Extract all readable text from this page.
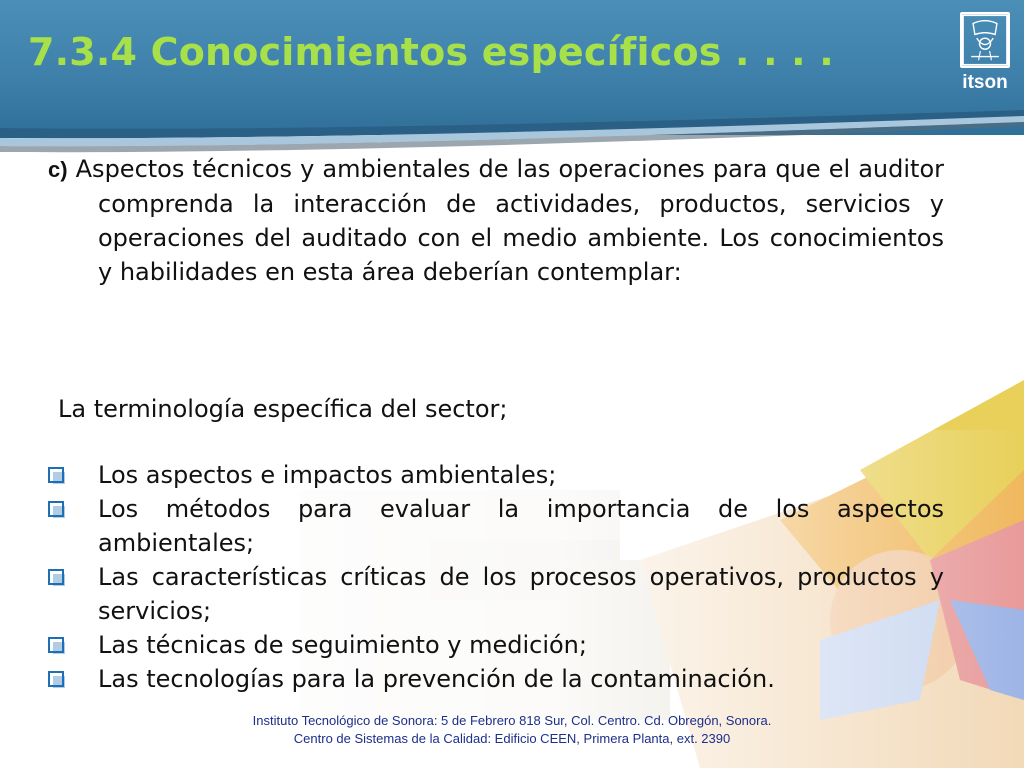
7.3.4 Conocimientos específicos . . . .
itson
c) Aspectos técnicos y ambientales de las operaciones para que el auditor comprenda la interacción de actividades, productos, servicios y operaciones del auditado con el medio ambiente. Los conocimientos y habilidades en esta área deberían contemplar:
La terminología específica del sector;
Los aspectos e impactos ambientales;
Los métodos para evaluar la importancia de los aspectos ambientales;
Las características críticas de los procesos operativos, productos y servicios;
Las técnicas de seguimiento y medición;
Las tecnologías para la prevención de la contaminación.
Instituto Tecnológico de Sonora: 5 de Febrero 818 Sur, Col. Centro. Cd. Obregón, Sonora.
Centro de Sistemas de la Calidad: Edificio CEEN, Primera Planta, ext. 2390
